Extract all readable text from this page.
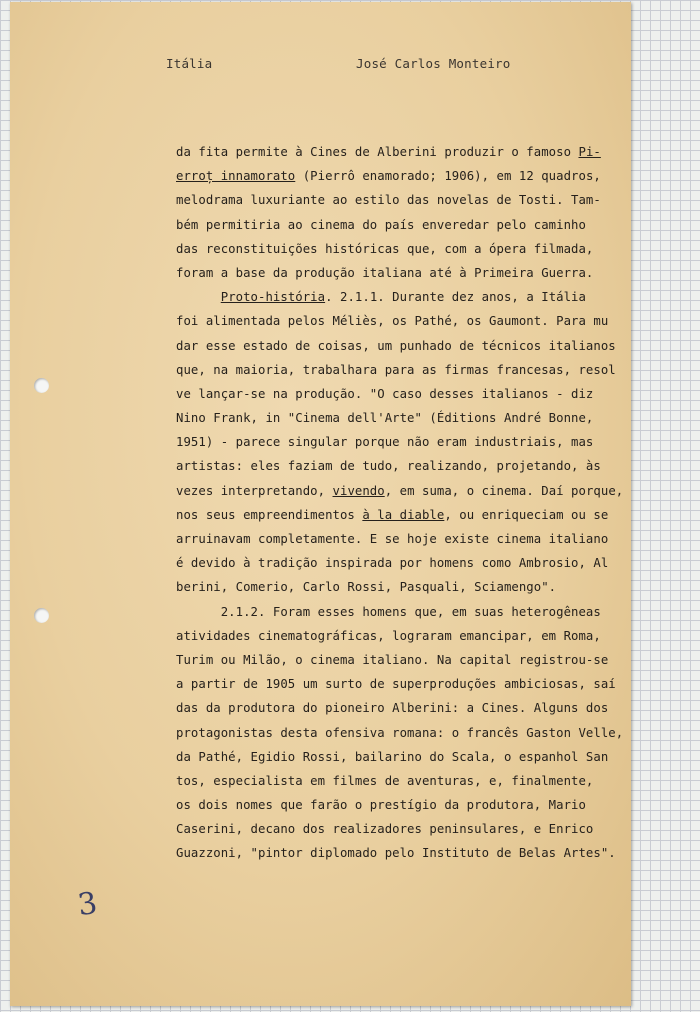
Itália	José Carlos Monteiro
da fita permite à Cines de Alberini produzir o famoso Pi-
erroț innamorato (Pierrô enamorado; 1906), em 12 quadros,
melodrama luxuriante ao estilo das novelas de Tosti. Tam-
bém permitiria ao cinema do país enveredar pelo caminho
das reconstituições históricas que, com a ópera filmada,
foram a base da produção italiana até à Primeira Guerra.
Proto-história. 2.1.1. Durante dez anos, a Itália
foi alimentada pelos Méliès, os Pathé, os Gaumont. Para mu
dar esse estado de coisas, um punhado de técnicos italianos
que, na maioria, trabalhara para as firmas francesas, resol
ve lançar-se na produção. "O caso desses italianos - diz
Nino Frank, in "Cinema dell'Arte" (Éditions André Bonne,
1951) - parece singular porque não eram industriais, mas
artistas: eles faziam de tudo, realizando, projetando, às
vezes interpretando, vivendo, em suma, o cinema. Daí porque,
nos seus empreendimentos à la diable, ou enriqueciam ou se
arruinavam completamente. E se hoje existe cinema italiano
é devido à tradição inspirada por homens como Ambrosio, Al
berini, Comerio, Carlo Rossi, Pasquali, Sciamengo".
2.1.2. Foram esses homens que, em suas heterogêneas
atividades cinematográficas, lograram emancipar, em Roma,
Turim ou Milão, o cinema italiano. Na capital registrou-se
a partir de 1905 um surto de superproduções ambiciosas, saí
das da produtora do pioneiro Alberini: a Cines. Alguns dos
protagonistas desta ofensiva romana: o francês Gaston Velle,
da Pathé, Egidio Rossi, bailarino do Scala, o espanhol San
tos, especialista em filmes de aventuras, e, finalmente,
os dois nomes que farão o prestígio da produtora, Mario
Caserini, decano dos realizadores peninsulares, e Enrico
Guazzoni, "pintor diplomado pelo Instituto de Belas Artes".
3
